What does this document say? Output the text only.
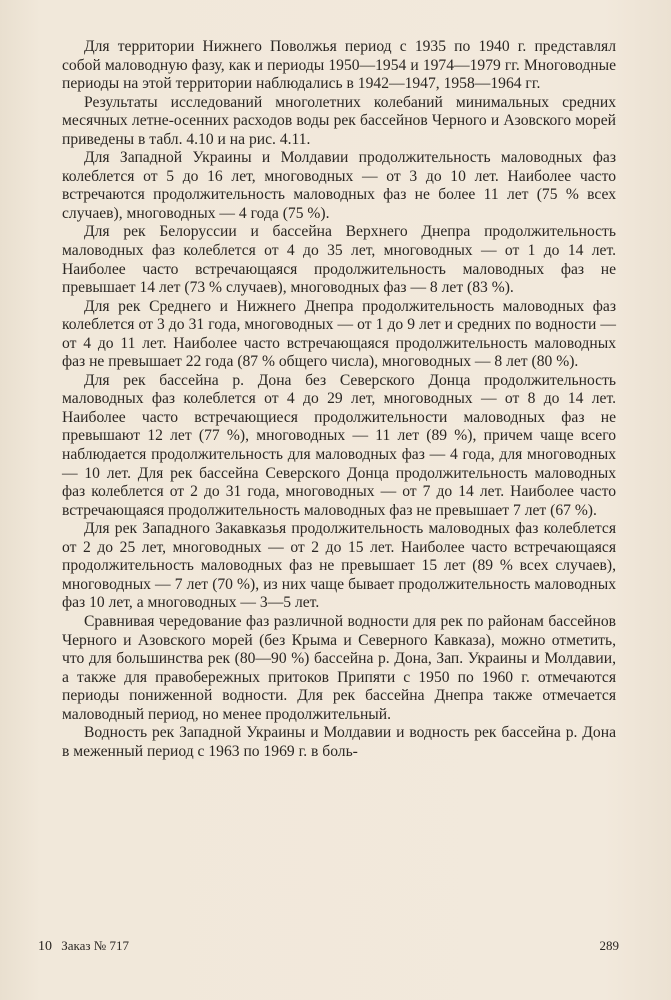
Для территории Нижнего Поволжья период с 1935 по 1940 г. представлял собой маловодную фазу, как и периоды 1950—1954 и 1974—1979 гг. Многоводные периоды на этой территории наблюдались в 1942—1947, 1958—1964 гг.

Результаты исследований многолетних колебаний минимальных средних месячных летне-осенних расходов воды рек бассейнов Черного и Азовского морей приведены в табл. 4.10 и на рис. 4.11.

Для Западной Украины и Молдавии продолжительность маловодных фаз колеблется от 5 до 16 лет, многоводных — от 3 до 10 лет. Наиболее часто встречаются продолжительность маловодных фаз не более 11 лет (75 % всех случаев), многоводных — 4 года (75 %).

Для рек Белоруссии и бассейна Верхнего Днепра продолжительность маловодных фаз колеблется от 4 до 35 лет, многоводных — от 1 до 14 лет. Наиболее часто встречающаяся продолжительность маловодных фаз не превышает 14 лет (73 % случаев), многоводных фаз — 8 лет (83 %).

Для рек Среднего и Нижнего Днепра продолжительность маловодных фаз колеблется от 3 до 31 года, многоводных — от 1 до 9 лет и средних по водности — от 4 до 11 лет. Наиболее часто встречающаяся продолжительность маловодных фаз не превышает 22 года (87 % общего числа), многоводных — 8 лет (80 %).

Для рек бассейна р. Дона без Северского Донца продолжительность маловодных фаз колеблется от 4 до 29 лет, многоводных — от 8 до 14 лет. Наиболее часто встречающиеся продолжительности маловодных фаз не превышают 12 лет (77 %), многоводных — 11 лет (89 %), причем чаще всего наблюдается продолжительность для маловодных фаз — 4 года, для многоводных — 10 лет. Для рек бассейна Северского Донца продолжительность маловодных фаз колеблется от 2 до 31 года, многоводных — от 7 до 14 лет. Наиболее часто встречающаяся продолжительность маловодных фаз не превышает 7 лет (67 %).

Для рек Западного Закавказья продолжительность маловодных фаз колеблется от 2 до 25 лет, многоводных — от 2 до 15 лет. Наиболее часто встречающаяся продолжительность маловодных фаз не превышает 15 лет (89 % всех случаев), многоводных — 7 лет (70 %), из них чаще бывает продолжительность маловодных фаз 10 лет, а многоводных — 3—5 лет.

Сравнивая чередование фаз различной водности для рек по районам бассейнов Черного и Азовского морей (без Крыма и Северного Кавказа), можно отметить, что для большинства рек (80—90 %) бассейна р. Дона, Зап. Украины и Молдавии, а также для правобережных притоков Припяти с 1950 по 1960 г. отмечаются периоды пониженной водности. Для рек бассейна Днепра также отмечается маловодный период, но менее продолжительный.

Водность рек Западной Украины и Молдавии и водность рек бассейна р. Дона в меженный период с 1963 по 1969 г. в боль-

10 Заказ № 717	289
